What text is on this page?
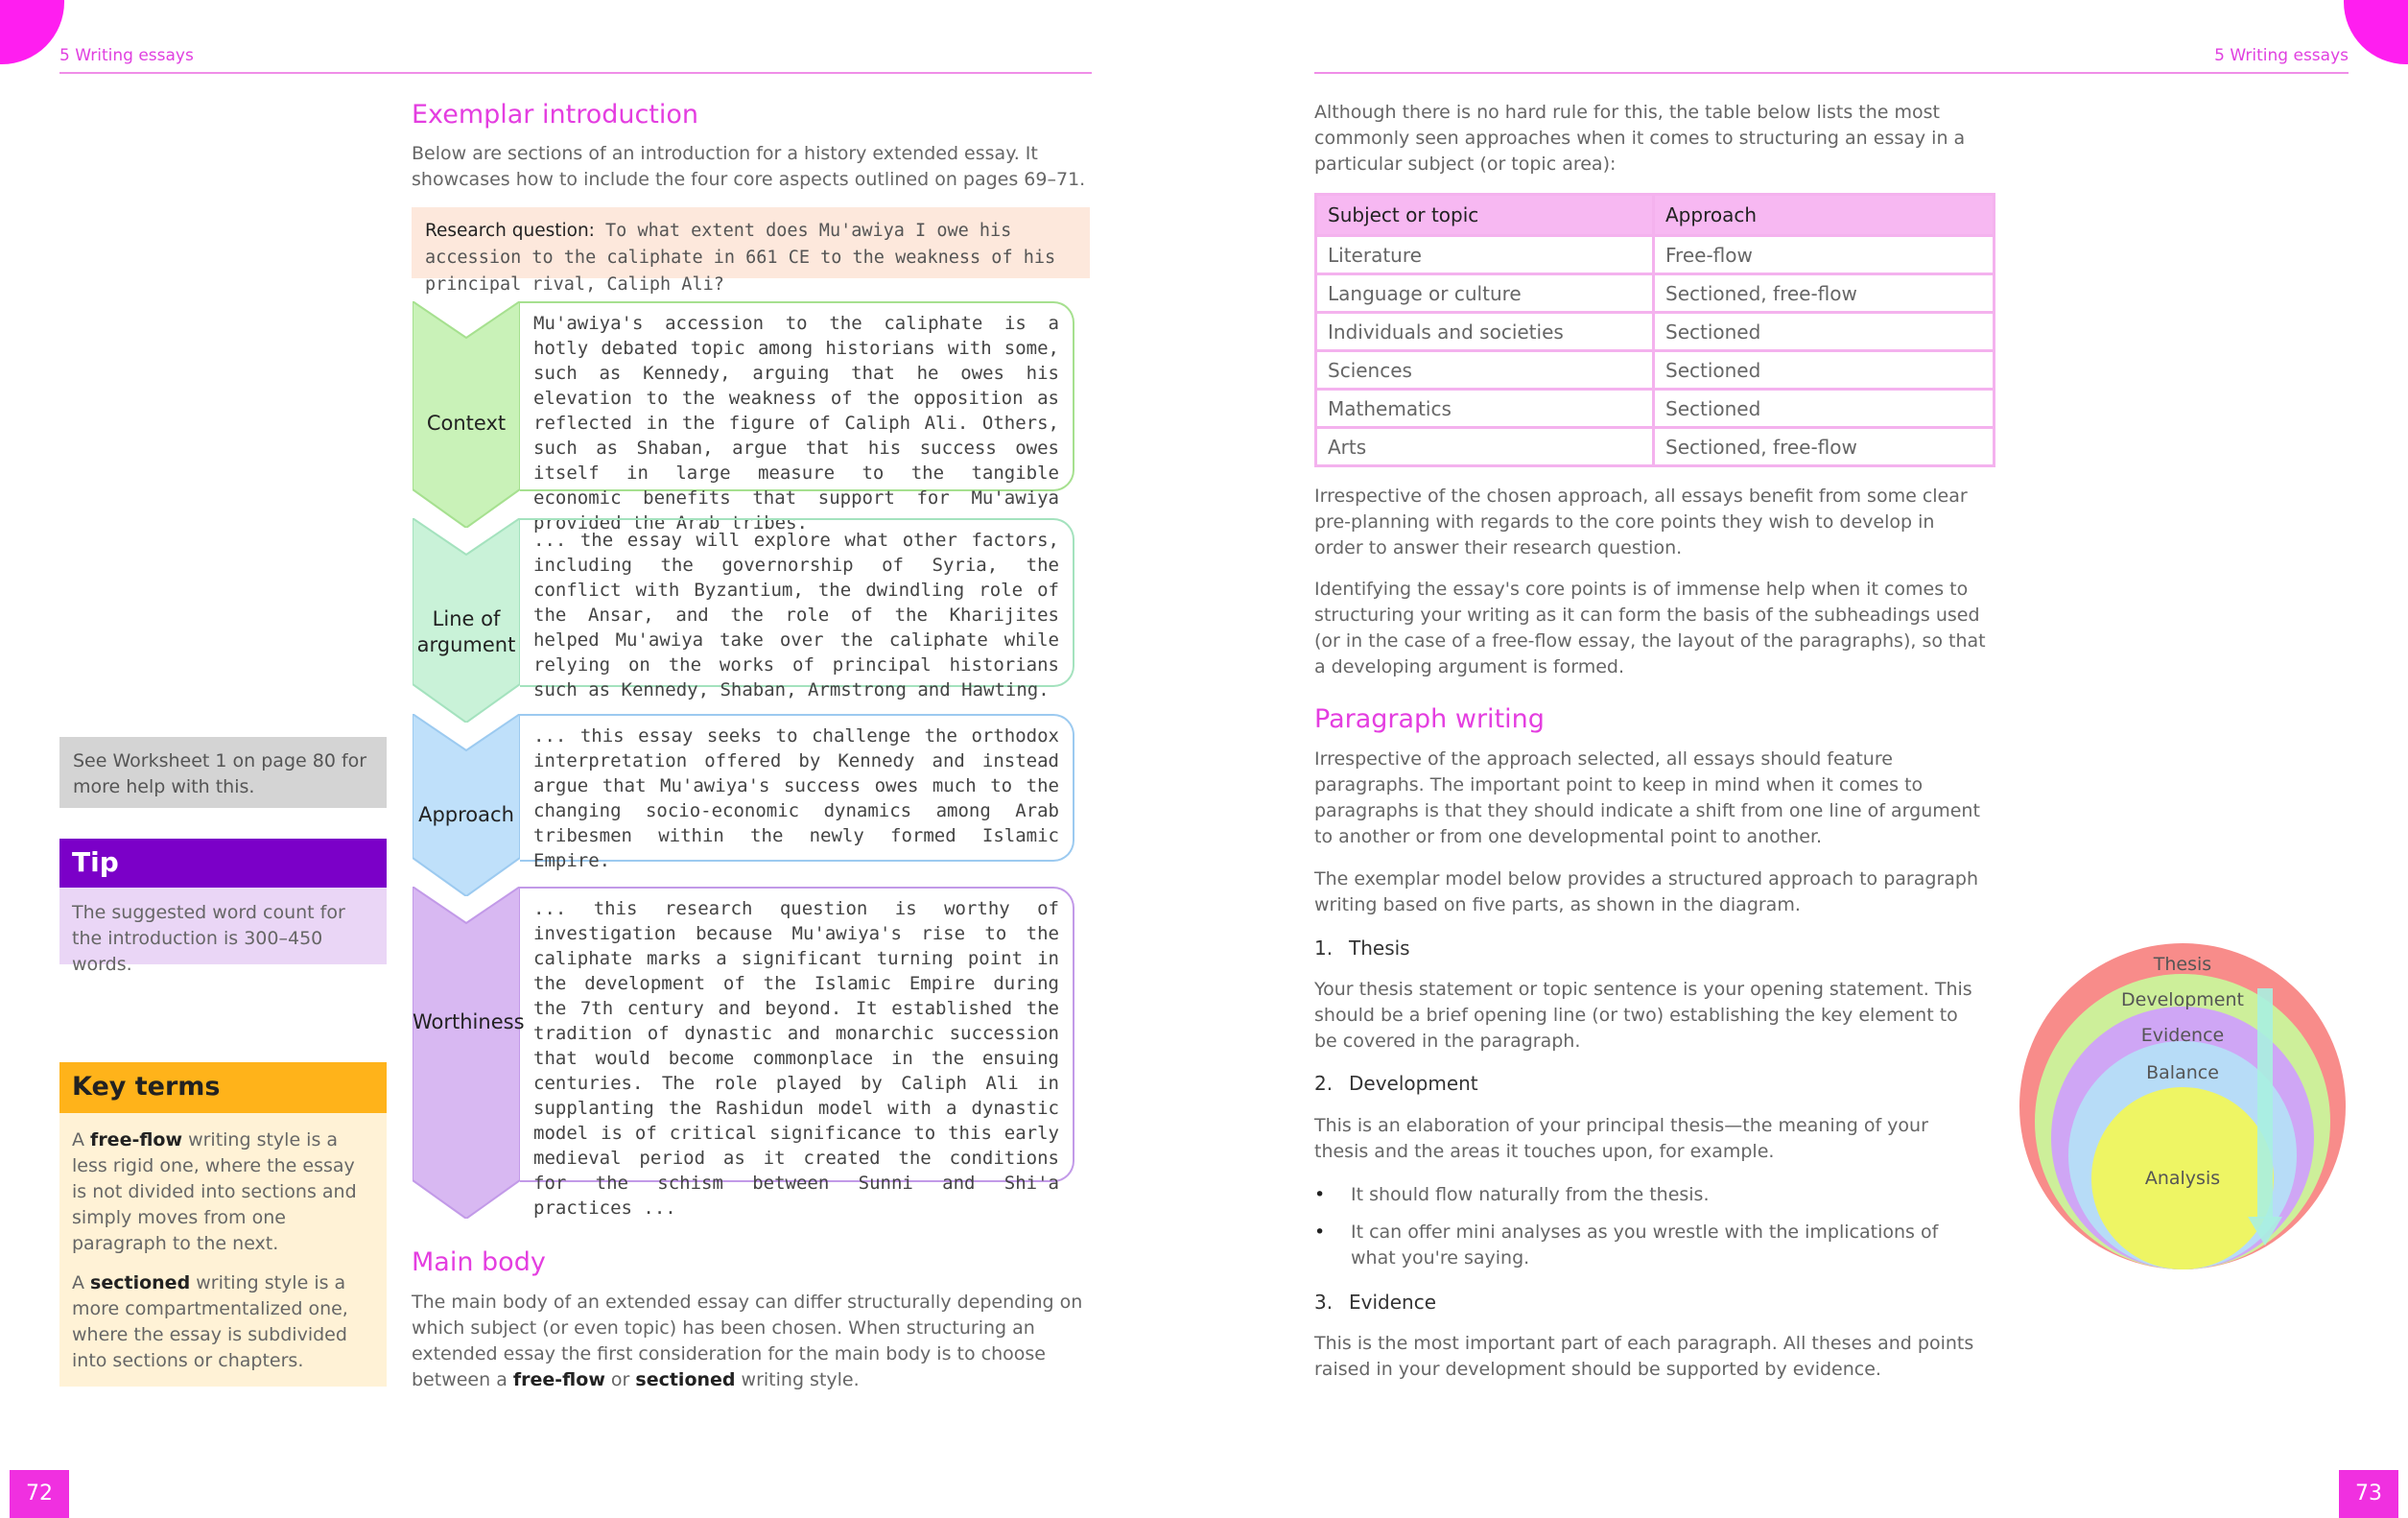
5 Writing essays	5 Writing essays
72	73
See Worksheet 1 on page 80 for more help with this.
Tip
The suggested word count for the introduction is 300–450 words.
Key terms

A free-flow writing style is a less rigid one, where the essay is not divided into sections and simply moves from one paragraph to the next.

A sectioned writing style is a more compartmentalized one, where the essay is subdivided into sections or chapters.

Exemplar introduction
Below are sections of an introduction for a history extended essay. It showcases how to include the four core aspects outlined on pages 69–71.
Research question: To what extent does Mu'awiya I owe his accession to the caliphate in 661 CE to the weakness of his principal rival, Caliph Ali?
Context
Mu'awiya's accession to the caliphate is a hotly debated topic among historians with some, such as Kennedy, arguing that he owes his elevation to the weakness of the opposition as reflected in the figure of Caliph Ali. Others, such as Shaban, argue that his success owes itself in large measure to the tangible economic benefits that support for Mu'awiya provided the Arab tribes.
Line of argument
... the essay will explore what other factors, including the governorship of Syria, the conflict with Byzantium, the dwindling role of the Ansar, and the role of the Kharijites helped Mu'awiya take over the caliphate while relying on the works of principal historians such as Kennedy, Shaban, Armstrong and Hawting.
Approach
... this essay seeks to challenge the orthodox interpretation offered by Kennedy and instead argue that Mu'awiya's success owes much to the changing socio-economic dynamics among Arab tribesmen within the newly formed Islamic Empire.
Worthiness
... this research question is worthy of investigation because Mu'awiya's rise to the caliphate marks a significant turning point in the development of the Islamic Empire during the 7th century and beyond. It established the tradition of dynastic and monarchic succession that would become commonplace in the ensuing centuries. The role played by Caliph Ali in supplanting the Rashidun model with a dynastic model is of critical significance to this early medieval period as it created the conditions for the schism between Sunni and Shi'a practices ...
Main body
The main body of an extended essay can differ structurally depending on which subject (or even topic) has been chosen. When structuring an extended essay the first consideration for the main body is to choose between a free-flow or sectioned writing style.
Although there is no hard rule for this, the table below lists the most commonly seen approaches when it comes to structuring an essay in a particular subject (or topic area):
Subject or topic	Approach
Literature	Free-flow
Language or culture	Sectioned, free-flow
Individuals and societies	Sectioned
Sciences	Sectioned
Mathematics	Sectioned
Arts	Sectioned, free-flow
Irrespective of the chosen approach, all essays benefit from some clear pre-planning with regards to the core points they wish to develop in order to answer their research question.
Identifying the essay's core points is of immense help when it comes to structuring your writing as it can form the basis of the subheadings used (or in the case of a free-flow essay, the layout of the paragraphs), so that a developing argument is formed.
Paragraph writing
Irrespective of the approach selected, all essays should feature paragraphs. The important point to keep in mind when it comes to paragraphs is that they should indicate a shift from one line of argument to another or from one developmental point to another.
The exemplar model below provides a structured approach to paragraph writing based on five parts, as shown in the diagram.
1. Thesis
Your thesis statement or topic sentence is your opening statement. This should be a brief opening line (or two) establishing the key element to be covered in the paragraph.
2. Development
This is an elaboration of your principal thesis—the meaning of your thesis and the areas it touches upon, for example.
• It should flow naturally from the thesis.
• It can offer mini analyses as you wrestle with the implications of what you're saying.
3. Evidence
This is the most important part of each paragraph. All theses and points raised in your development should be supported by evidence.
Thesis
Development
Evidence
Balance
Analysis
